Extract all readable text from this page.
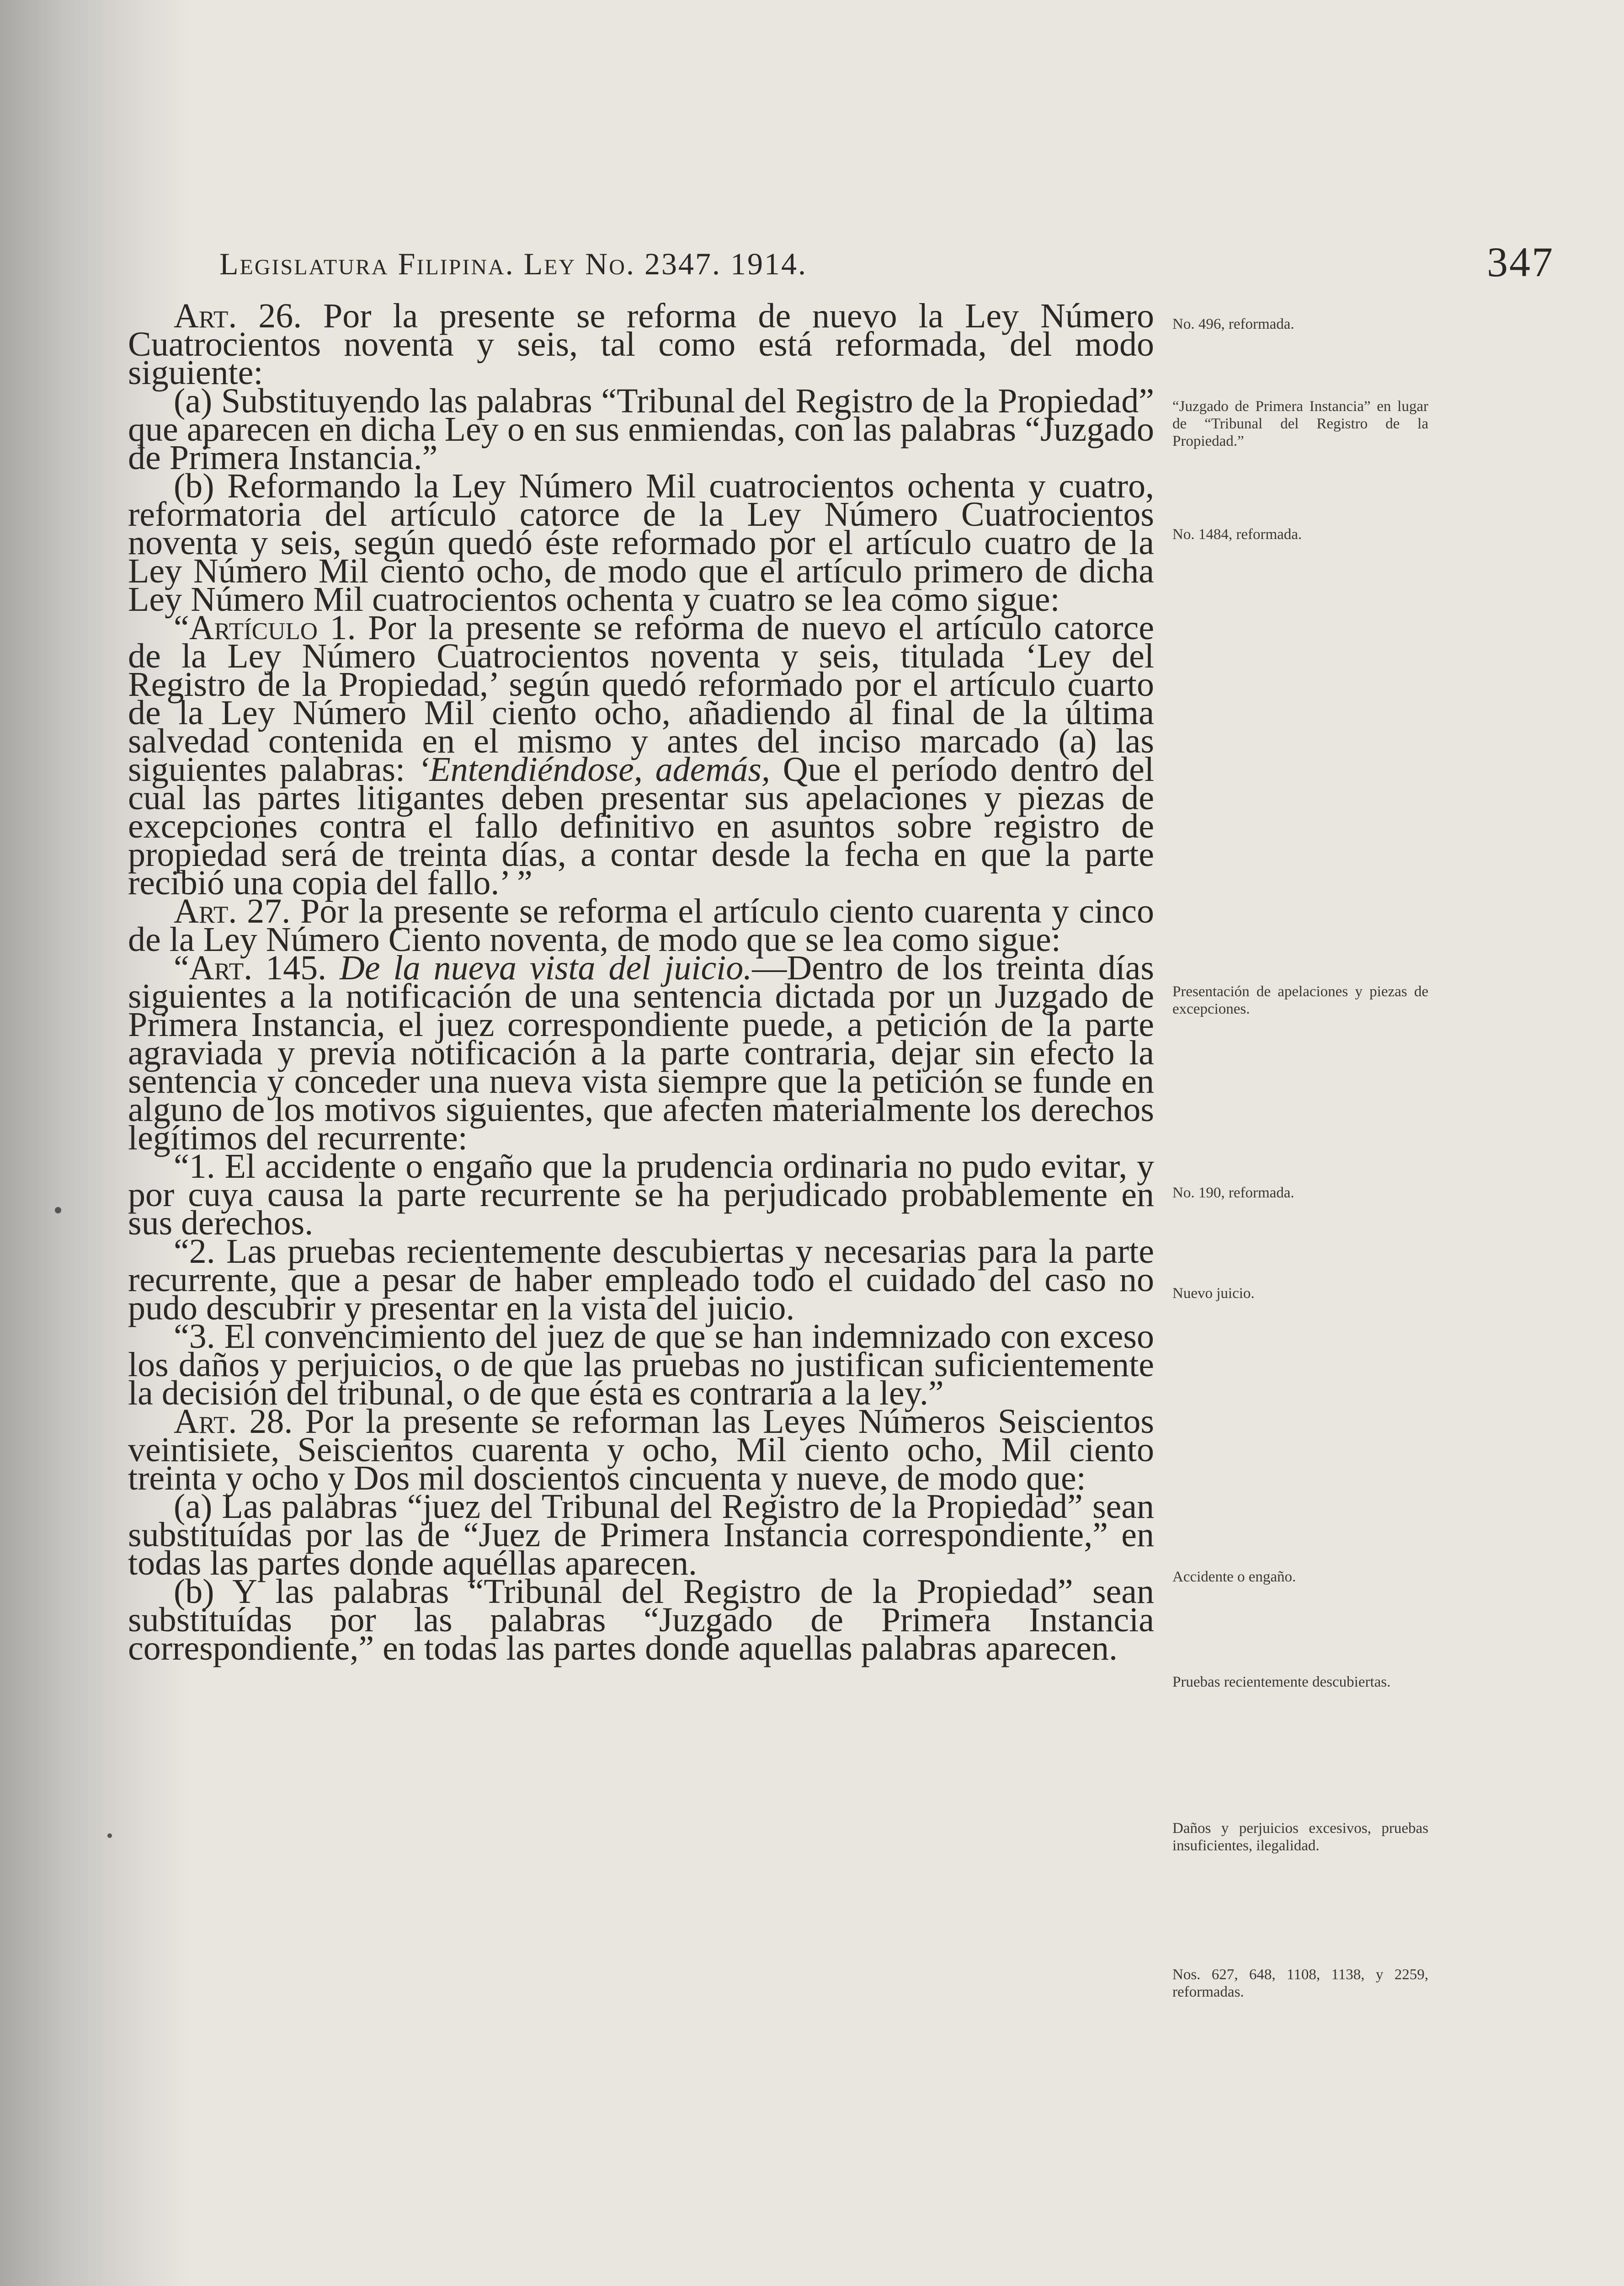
Legislatura Filipina. Ley No. 2347. 1914.	347

Art. 26. Por la presente se reforma de nuevo la Ley Número Cuatrocientos noventa y seis, tal como está reformada, del modo siguiente:

(a) Substituyendo las palabras “Tribunal del Registro de la Propiedad” que aparecen en dicha Ley o en sus enmiendas, con las palabras “Juzgado de Primera Instancia.”

(b) Reformando la Ley Número Mil cuatrocientos ochenta y cuatro, reformatoria del artículo catorce de la Ley Número Cuatrocientos noventa y seis, según quedó éste reformado por el artículo cuatro de la Ley Número Mil ciento ocho, de modo que el artículo primero de dicha Ley Número Mil cuatrocientos ochenta y cuatro se lea como sigue:

“Artículo 1. Por la presente se reforma de nuevo el artículo catorce de la Ley Número Cuatrocientos noventa y seis, titulada ‘Ley del Registro de la Propiedad,’ según quedó reformado por el artículo cuarto de la Ley Número Mil ciento ocho, añadiendo al final de la última salvedad contenida en el mismo y antes del inciso marcado (a) las siguientes palabras: ‘Entendiéndose, además, Que el período dentro del cual las partes litigantes deben presentar sus apelaciones y piezas de excepciones contra el fallo definitivo en asuntos sobre registro de propiedad será de treinta días, a contar desde la fecha en que la parte recibió una copia del fallo.’ ”

Art. 27. Por la presente se reforma el artículo ciento cuarenta y cinco de la Ley Número Ciento noventa, de modo que se lea como sigue:

“Art. 145. De la nueva vista del juicio.—Dentro de los treinta días siguientes a la notificación de una sentencia dictada por un Juzgado de Primera Instancia, el juez correspondiente puede, a petición de la parte agraviada y previa notificación a la parte contraria, dejar sin efecto la sentencia y conceder una nueva vista siempre que la petición se funde en alguno de los motivos siguientes, que afecten materialmente los derechos legítimos del recurrente:

“1. El accidente o engaño que la prudencia ordinaria no pudo evitar, y por cuya causa la parte recurrente se ha perjudicado probablemente en sus derechos.

“2. Las pruebas recientemente descubiertas y necesarias para la parte recurrente, que a pesar de haber empleado todo el cuidado del caso no pudo descubrir y presentar en la vista del juicio.

“3. El convencimiento del juez de que se han indemnizado con exceso los daños y perjuicios, o de que las pruebas no justifican suficientemente la decisión del tribunal, o de que ésta es contraria a la ley.”

Art. 28. Por la presente se reforman las Leyes Números Seiscientos veintisiete, Seiscientos cuarenta y ocho, Mil ciento ocho, Mil ciento treinta y ocho y Dos mil doscientos cincuenta y nueve, de modo que:

(a) Las palabras “juez del Tribunal del Registro de la Propiedad” sean substituídas por las de “Juez de Primera Instancia correspondiente,” en todas las partes donde aquéllas aparecen.

(b) Y las palabras “Tribunal del Registro de la Propiedad” sean substituídas por las palabras “Juzgado de Primera Instancia correspondiente,” en todas las partes donde aquellas palabras aparecen.

No. 496, reformada.
“Juzgado de Primera Instancia” en lugar de “Tribunal del Registro de la Propiedad.”
No. 1484, reformada.
Presentación de apelaciones y piezas de excepciones.
No. 190, reformada.
Nuevo juicio.
Accidente o engaño.
Pruebas recientemente descubiertas.
Daños y perjuicios excesivos, pruebas insuficientes, ilegalidad.
Nos. 627, 648, 1108, 1138, y 2259, reformadas.
